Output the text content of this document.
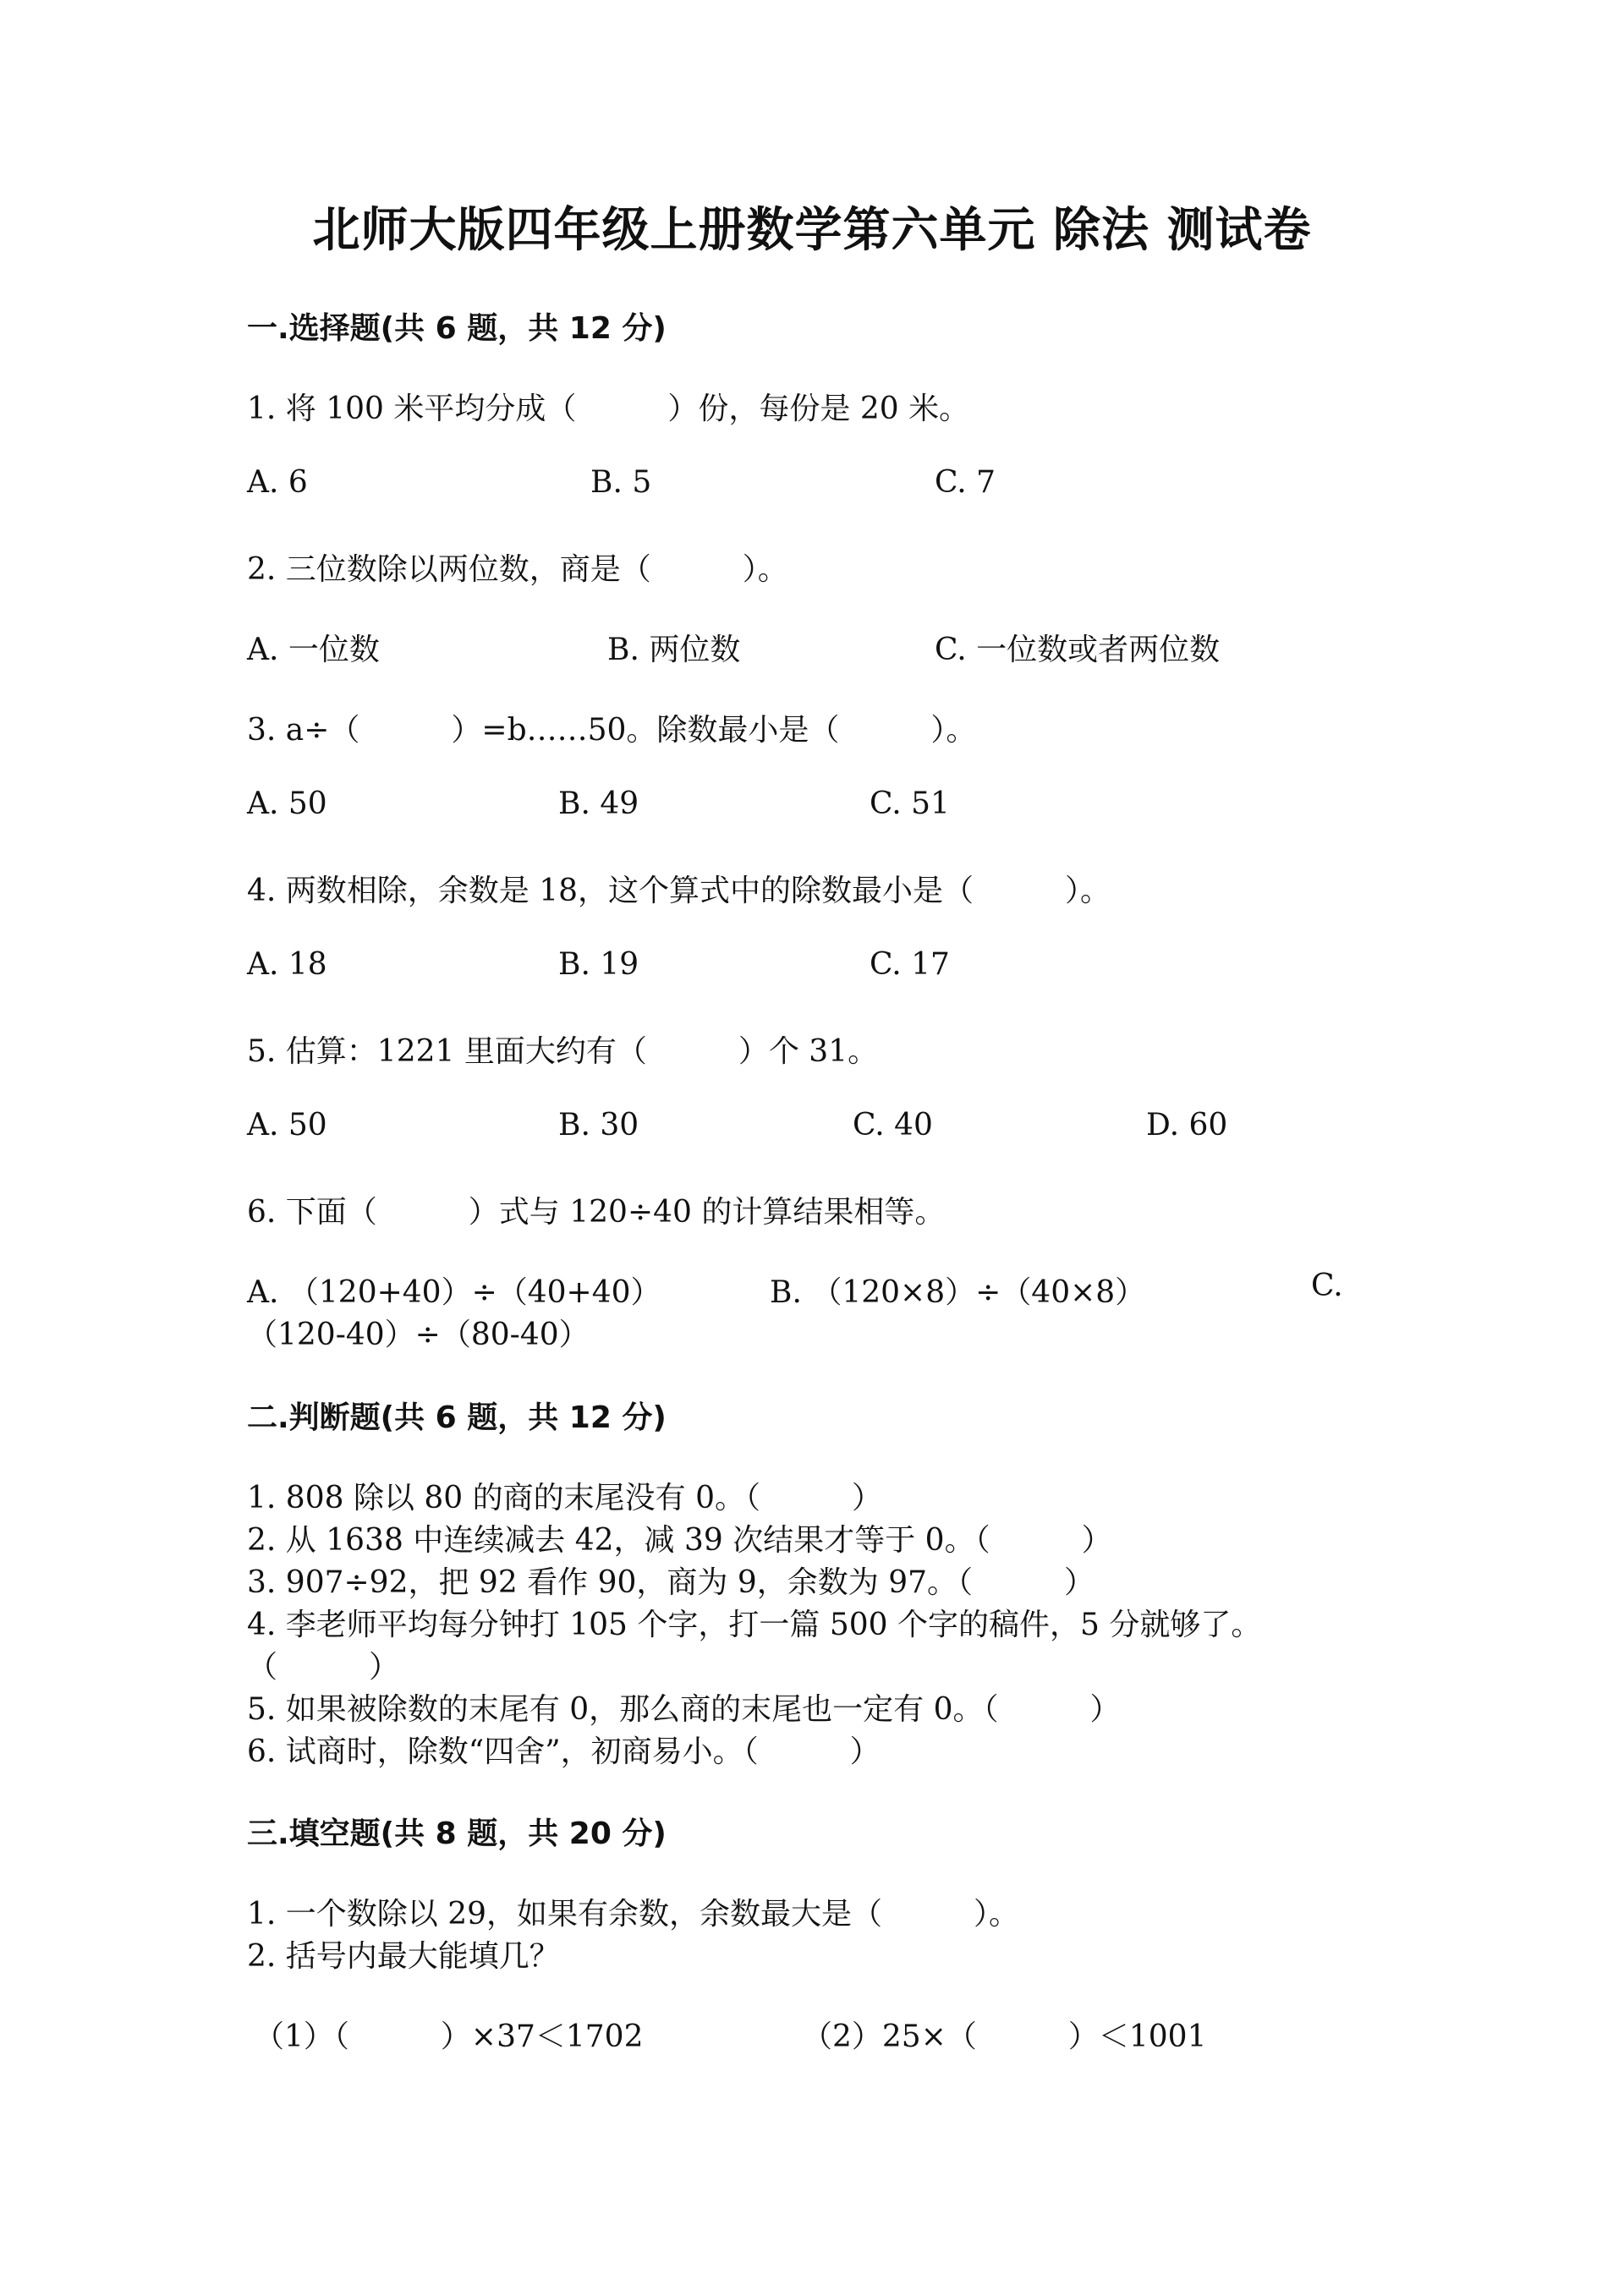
北师大版四年级上册数学第六单元 除法 测试卷
一.选择题(共 6 题，共 12 分)
1. 将 100 米平均分成（　　　）份，每份是 20 米。
A. 6	B. 5	C. 7
2. 三位数除以两位数，商是（　　　）。
A. 一位数	B. 两位数	C. 一位数或者两位数
3. a÷（　　　）=b……50。除数最小是（　　　）。
A. 50	B. 49	C. 51
4. 两数相除，余数是 18，这个算式中的除数最小是（　　　）。
A. 18	B. 19	C. 17
5. 估算：1221 里面大约有（　　　）个 31。
A. 50	B. 30	C. 40	D. 60
6. 下面（　　　）式与 120÷40 的计算结果相等。
A. （120+40）÷（40+40）	B. （120×8）÷（40×8）	C.
（120-40）÷（80-40）
二.判断题(共 6 题，共 12 分)
1. 808 除以 80 的商的末尾没有 0。（　　　）
2. 从 1638 中连续减去 42，减 39 次结果才等于 0。（　　　）
3. 907÷92，把 92 看作 90，商为 9，余数为 97。（　　　）
4. 李老师平均每分钟打 105 个字，打一篇 500 个字的稿件，5 分就够了。
（　　　）
5. 如果被除数的末尾有 0，那么商的末尾也一定有 0。（　　　）
6. 试商时，除数“四舍”，初商易小。（　　　）
三.填空题(共 8 题，共 20 分)
1. 一个数除以 29，如果有余数，余数最大是（　　　）。
2. 括号内最大能填几？
（1）（　　　）×37＜1702	（2）25×（　　　）＜1001
